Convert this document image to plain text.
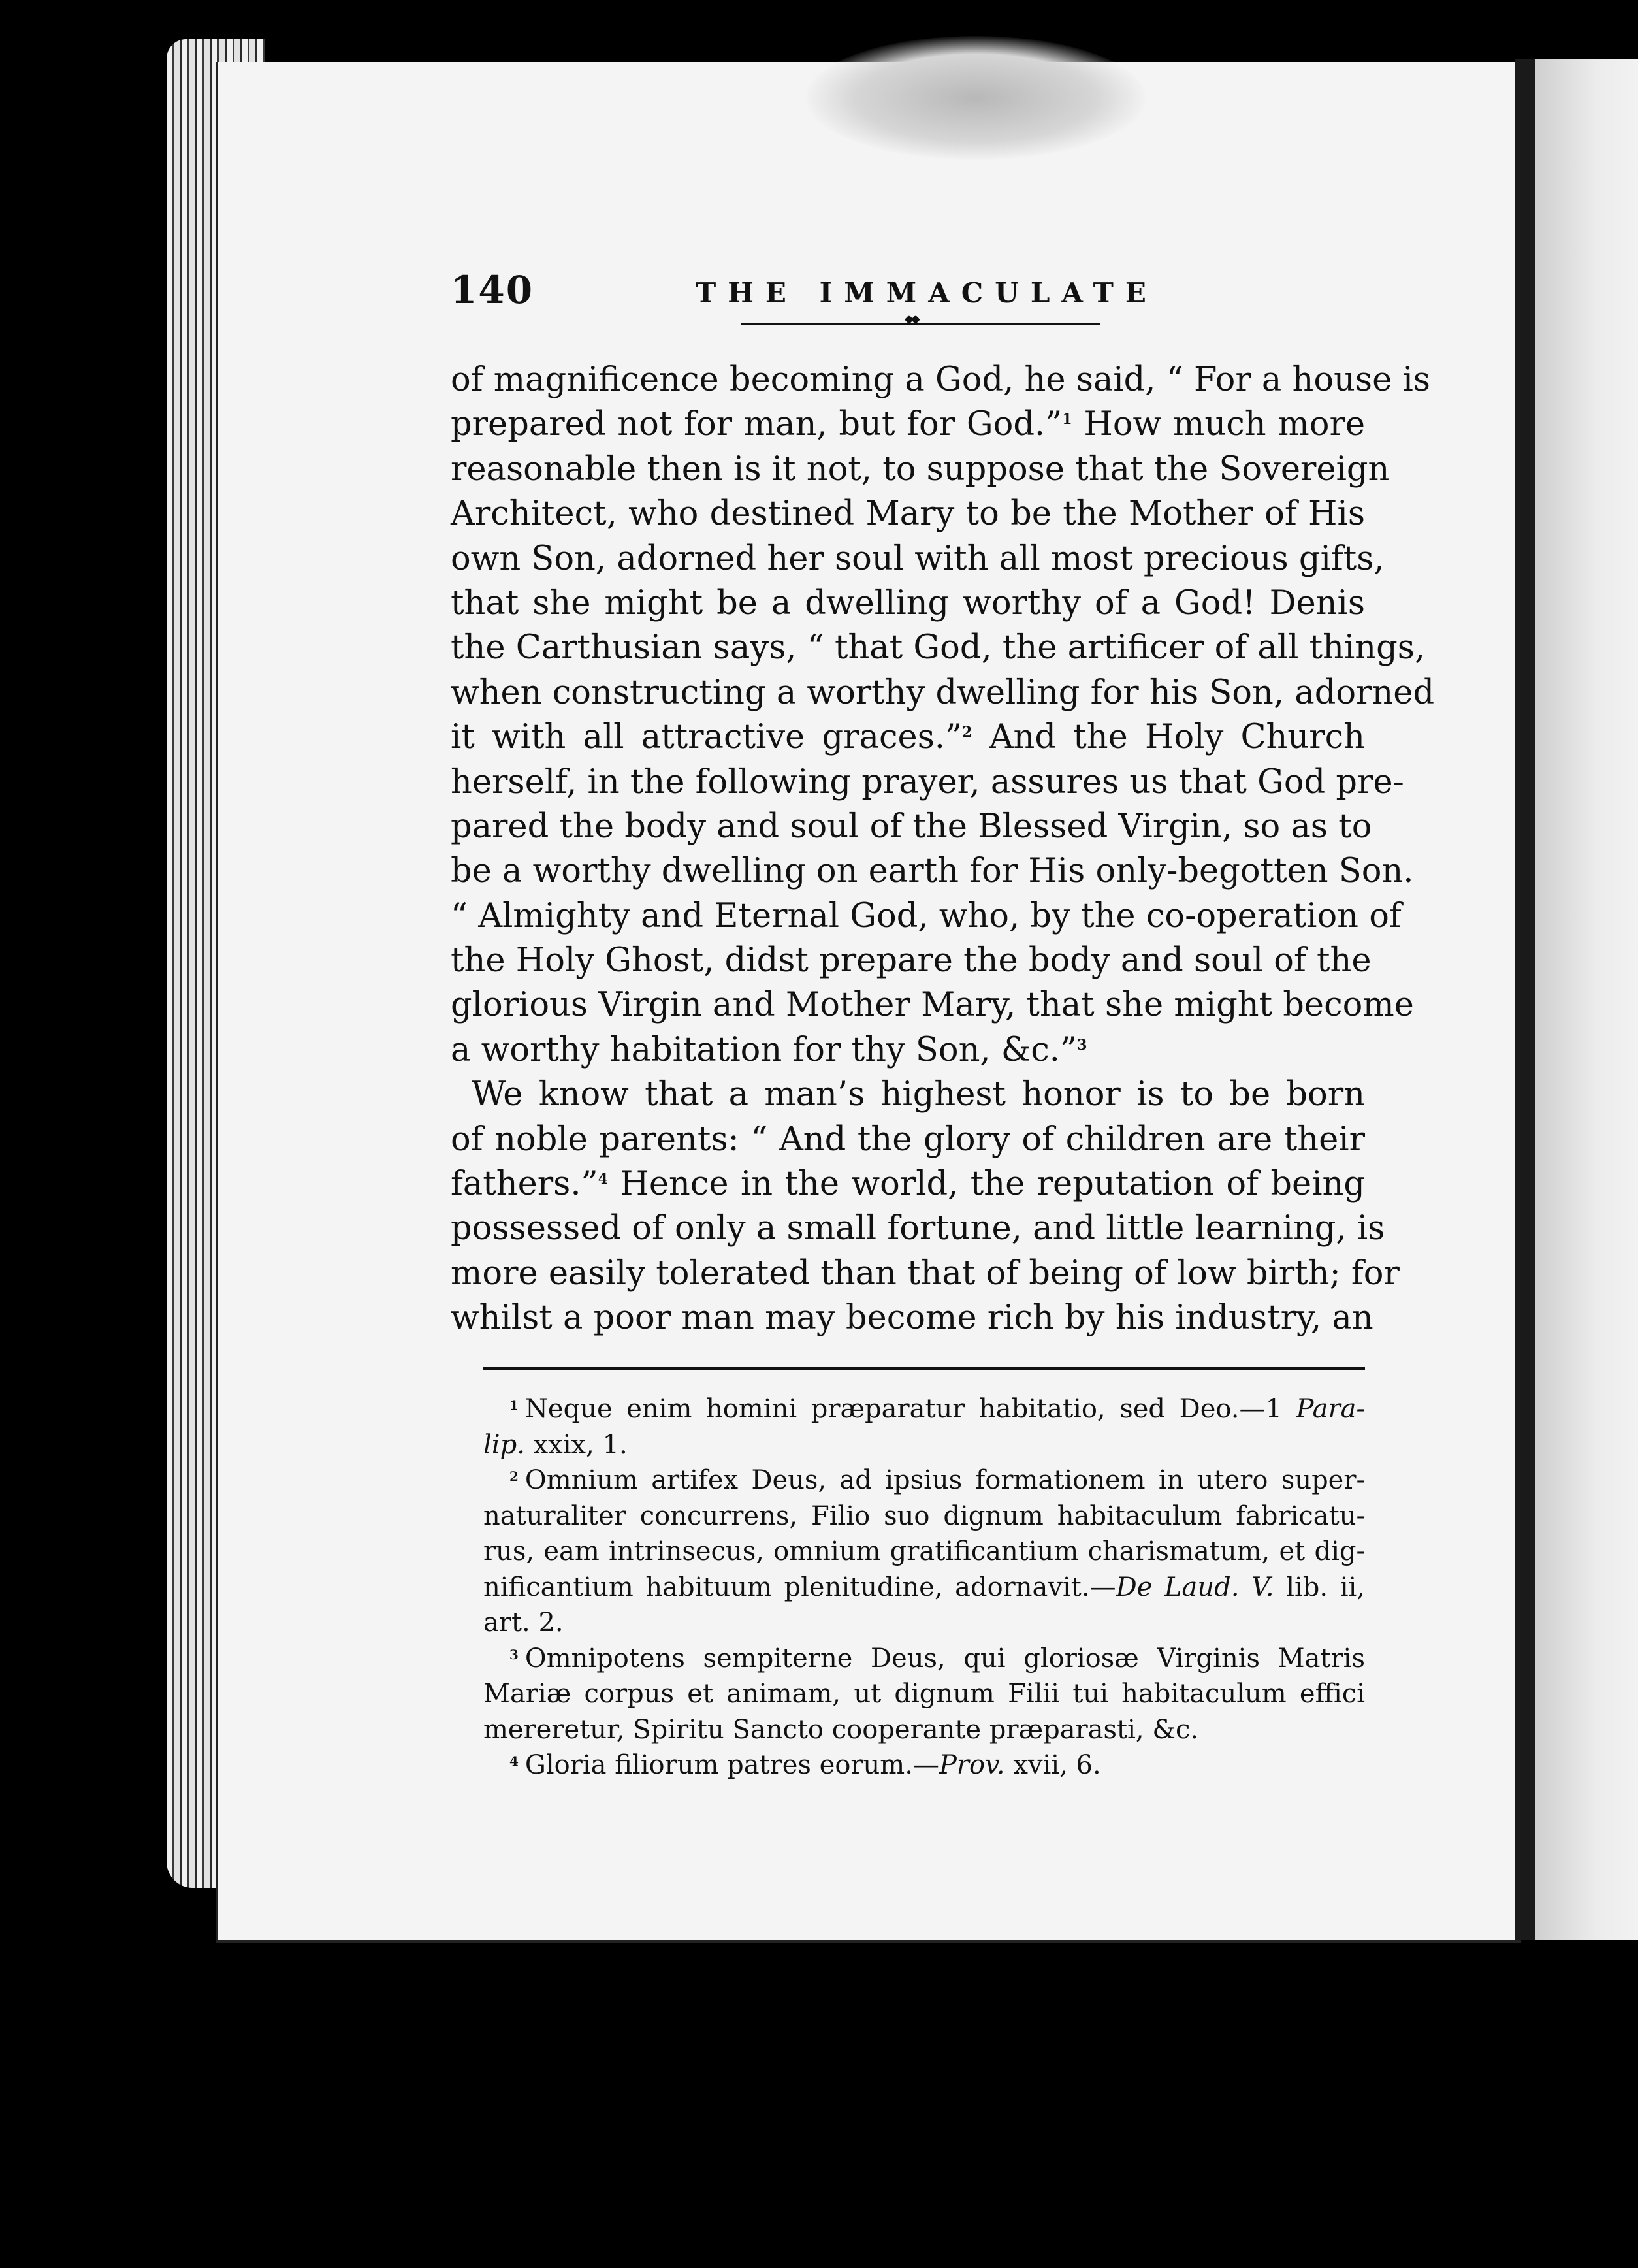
140	THE IMMACULATE
◆◆
of magnificence becoming a God, he said, “ For a house is
prepared not for man, but for God.”$^1$ How much more
reasonable then is it not, to suppose that the Sovereign
Architect, who destined Mary to be the Mother of His
own Son, adorned her soul with all most precious gifts,
that she might be a dwelling worthy of a God! Denis
the Carthusian says, “ that God, the artificer of all things,
when constructing a worthy dwelling for his Son, adorned
it with all attractive graces.”$^2$ And the Holy Church
herself, in the following prayer, assures us that God pre-
pared the body and soul of the Blessed Virgin, so as to
be a worthy dwelling on earth for His only-begotten Son.
“ Almighty and Eternal God, who, by the co-operation of
the Holy Ghost, didst prepare the body and soul of the
glorious Virgin and Mother Mary, that she might become
a worthy habitation for thy Son, &c.”$^3$
We know that a man’s highest honor is to be born
of noble parents: “ And the glory of children are their
fathers.”$^4$ Hence in the world, the reputation of being
possessed of only a small fortune, and little learning, is
more easily tolerated than that of being of low birth; for
whilst a poor man may become rich by his industry, an
$^1$ Neque enim homini præparatur habitatio, sed Deo.—1 Para-
lip. xxix, 1.
$^2$ Omnium artifex Deus, ad ipsius formationem in utero super-
naturaliter concurrens, Filio suo dignum habitaculum fabricatu-
rus, eam intrinsecus, omnium gratificantium charismatum, et dig-
nificantium habituum plenitudine, adornavit.—De Laud. V. lib. ii,
art. 2.
$^3$ Omnipotens sempiterne Deus, qui gloriosæ Virginis Matris
Mariæ corpus et animam, ut dignum Filii tui habitaculum effici
mereretur, Spiritu Sancto cooperante præparasti, &c.
$^4$ Gloria filiorum patres eorum.—Prov. xvii, 6.
